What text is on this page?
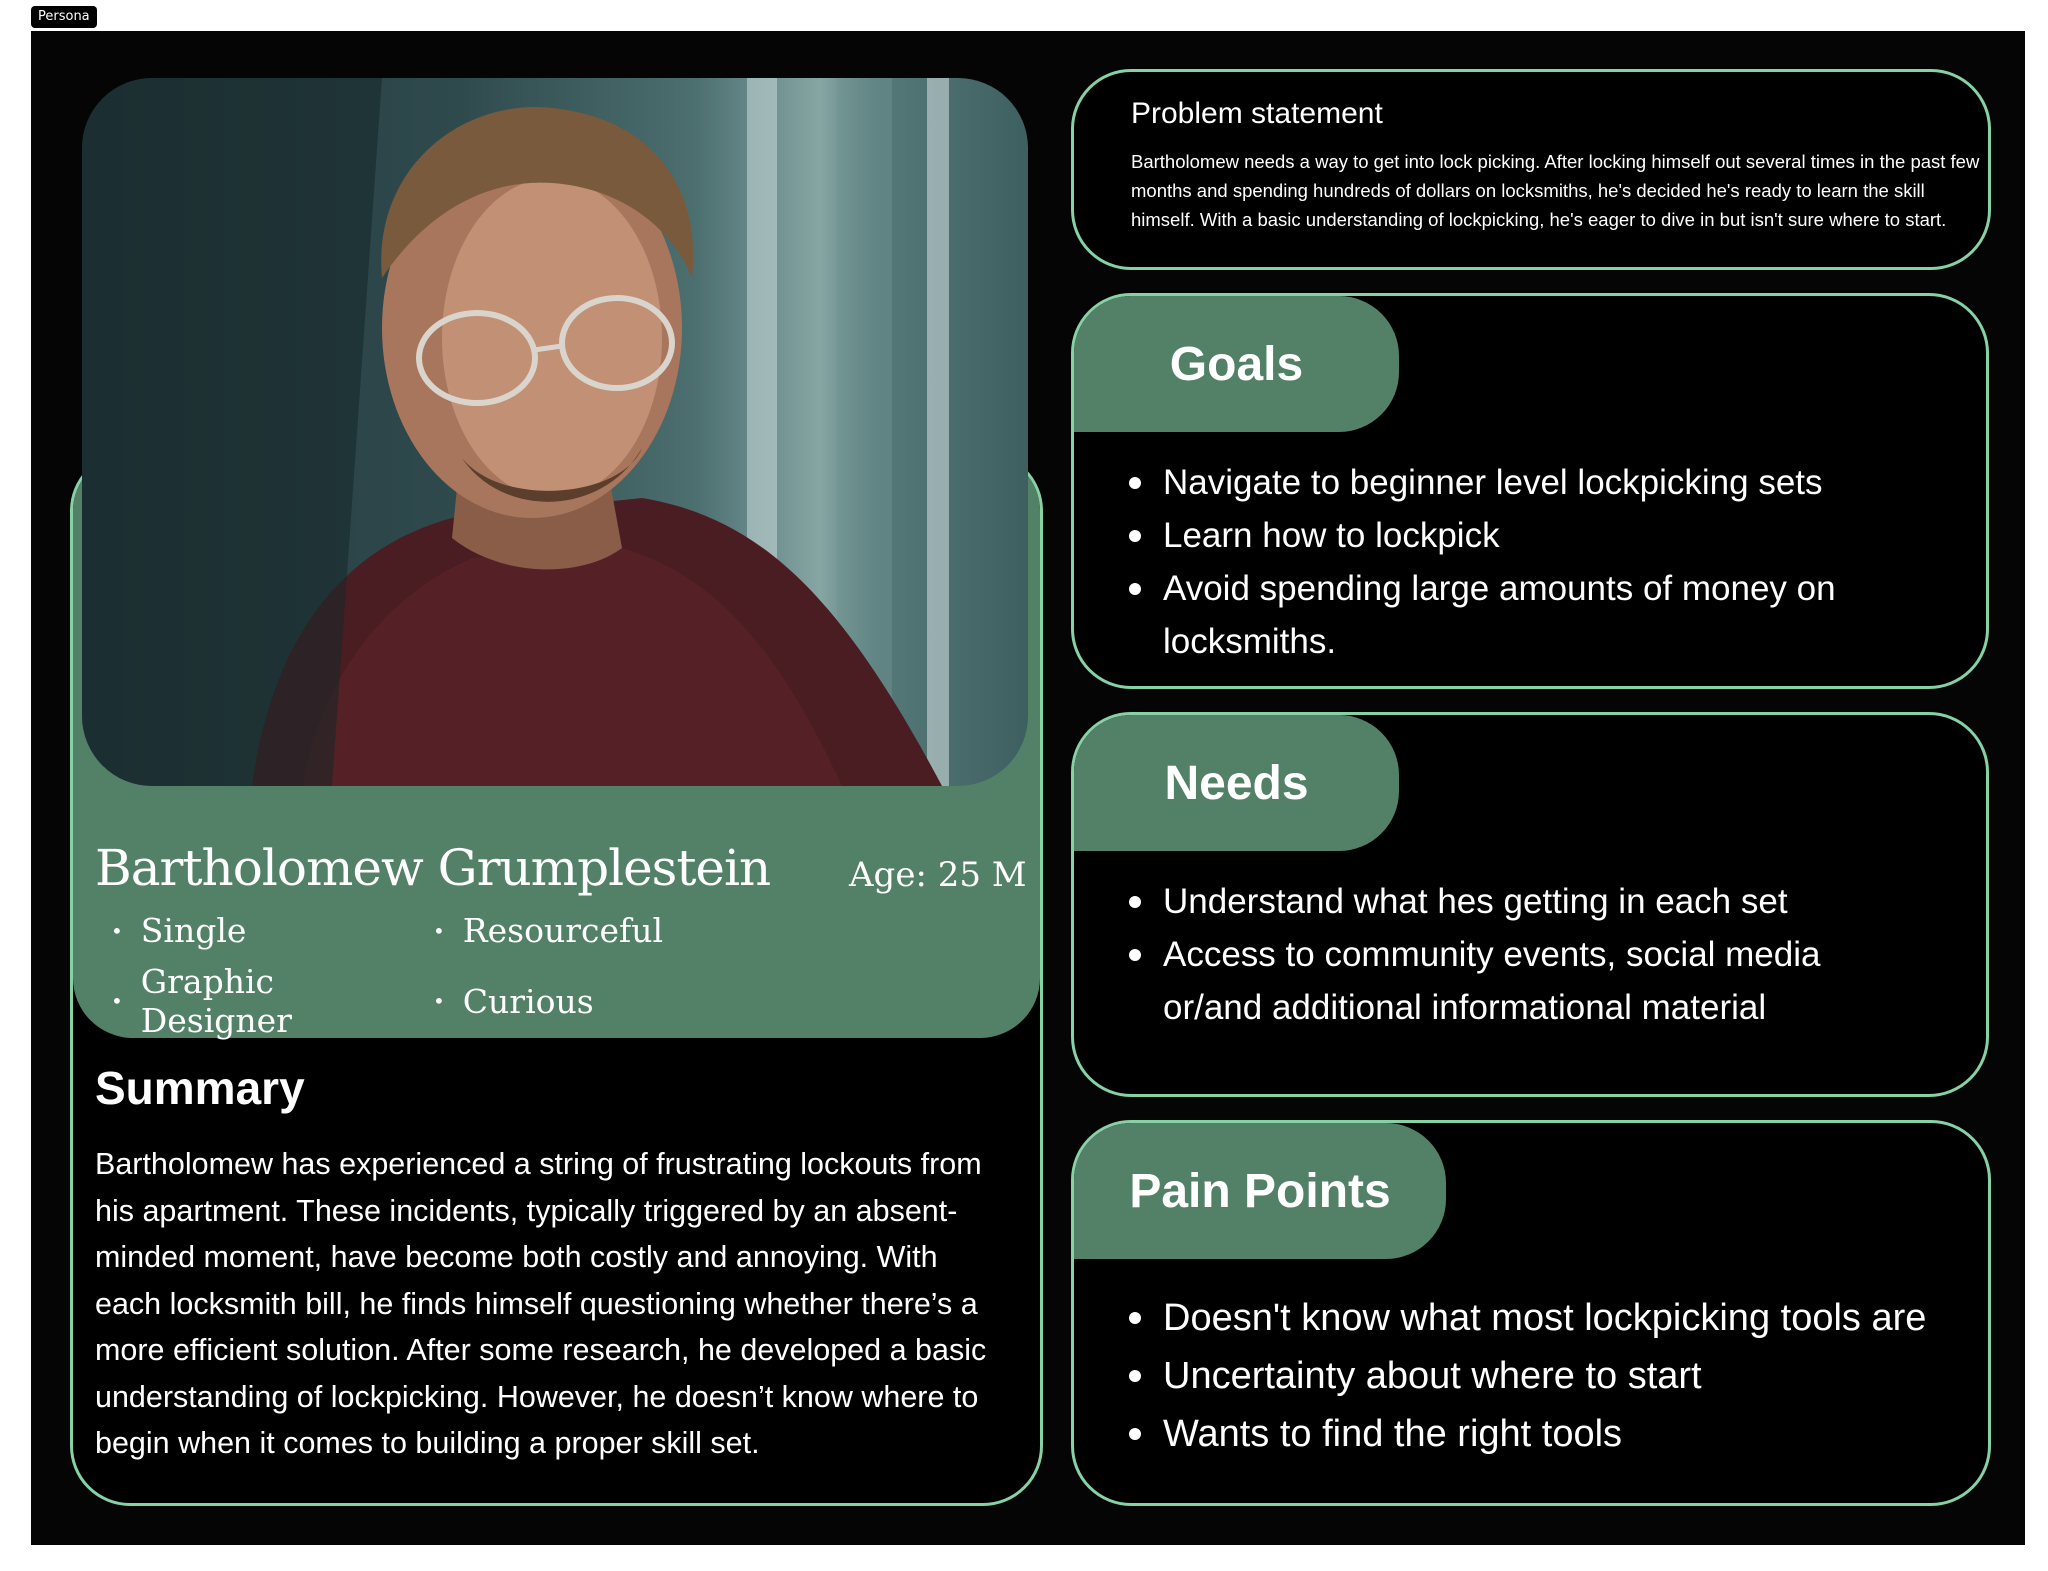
Persona
Bartholomew Grumplestein Age: 25 M
• Single	• Resourceful
• Graphic Designer	• Curious
Summary
Bartholomew has experienced a string of frustrating lockouts from his apartment. These incidents, typically triggered by an absent-minded moment, have become both costly and annoying. With each locksmith bill, he finds himself questioning whether there’s a more efficient solution. After some research, he developed a basic understanding of lockpicking. However, he doesn’t know where to begin when it comes to building a proper skill set.
Problem statement
Bartholomew needs a way to get into lock picking. After locking himself out several times in the past few months and spending hundreds of dollars on locksmiths, he's decided he's ready to learn the skill himself. With a basic understanding of lockpicking, he's eager to dive in but isn't sure where to start.
Goals
Navigate to beginner level lockpicking sets
Learn how to lockpick
Avoid spending large amounts of money on locksmiths.
Needs
Understand what hes getting in each set
Access to community events, social media or/and additional informational material
Pain Points
Doesn't know what most lockpicking tools are
Uncertainty about where to start
Wants to find the right tools
